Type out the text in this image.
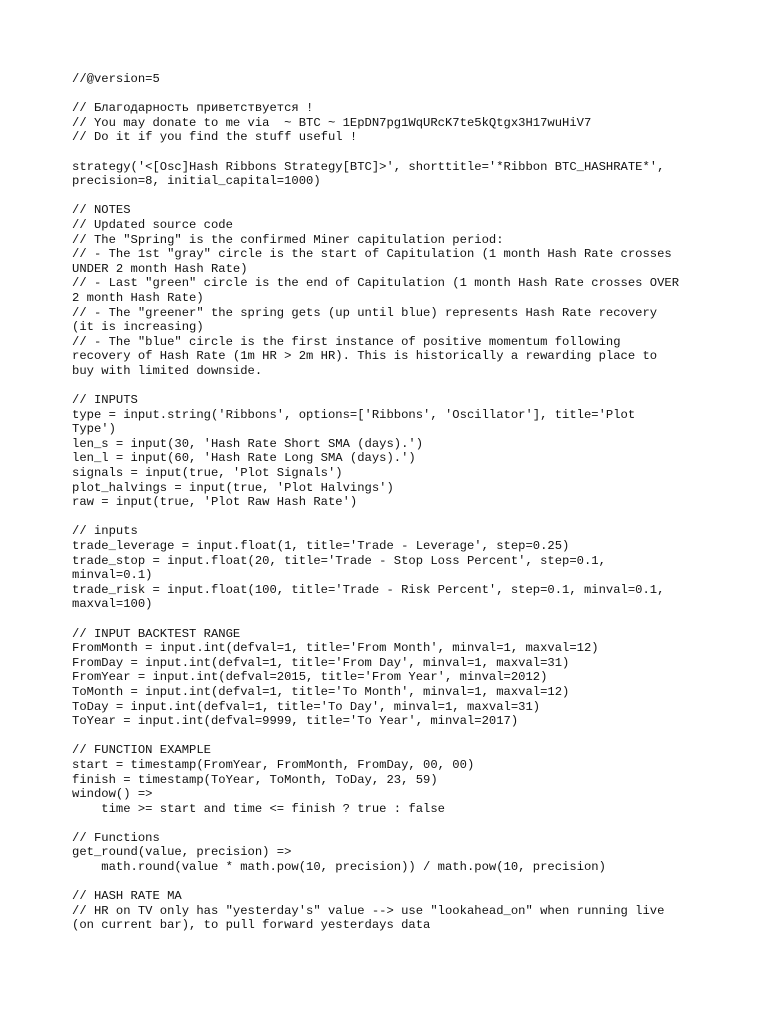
//@version=5
// Благодарность приветствуется !
// You may donate to me via  ~ BTC ~ 1EpDN7pg1WqURcK7te5kQtgx3H17wuHiV7
// Do it if you find the stuff useful !
strategy('<[Osc]Hash Ribbons Strategy[BTC]>', shorttitle='*Ribbon BTC_HASHRATE*',
precision=8, initial_capital=1000)
// NOTES
// Updated source code
// The "Spring" is the confirmed Miner capitulation period:
// - The 1st "gray" circle is the start of Capitulation (1 month Hash Rate crosses
UNDER 2 month Hash Rate)
// - Last "green" circle is the end of Capitulation (1 month Hash Rate crosses OVER
2 month Hash Rate)
// - The "greener" the spring gets (up until blue) represents Hash Rate recovery
(it is increasing)
// - The "blue" circle is the first instance of positive momentum following
recovery of Hash Rate (1m HR > 2m HR). This is historically a rewarding place to
buy with limited downside.
// INPUTS
type = input.string('Ribbons', options=['Ribbons', 'Oscillator'], title='Plot
Type')
len_s = input(30, 'Hash Rate Short SMA (days).')
len_l = input(60, 'Hash Rate Long SMA (days).')
signals = input(true, 'Plot Signals')
plot_halvings = input(true, 'Plot Halvings')
raw = input(true, 'Plot Raw Hash Rate')
// inputs
trade_leverage = input.float(1, title='Trade - Leverage', step=0.25)
trade_stop = input.float(20, title='Trade - Stop Loss Percent', step=0.1,
minval=0.1)
trade_risk = input.float(100, title='Trade - Risk Percent', step=0.1, minval=0.1,
maxval=100)
// INPUT BACKTEST RANGE
FromMonth = input.int(defval=1, title='From Month', minval=1, maxval=12)
FromDay = input.int(defval=1, title='From Day', minval=1, maxval=31)
FromYear = input.int(defval=2015, title='From Year', minval=2012)
ToMonth = input.int(defval=1, title='To Month', minval=1, maxval=12)
ToDay = input.int(defval=1, title='To Day', minval=1, maxval=31)
ToYear = input.int(defval=9999, title='To Year', minval=2017)
// FUNCTION EXAMPLE
start = timestamp(FromYear, FromMonth, FromDay, 00, 00)
finish = timestamp(ToYear, ToMonth, ToDay, 23, 59)
window() =>
time >= start and time <= finish ? true : false
// Functions
get_round(value, precision) =>
math.round(value * math.pow(10, precision)) / math.pow(10, precision)
// HASH RATE MA
// HR on TV only has "yesterday's" value --> use "lookahead_on" when running live
(on current bar), to pull forward yesterdays data
